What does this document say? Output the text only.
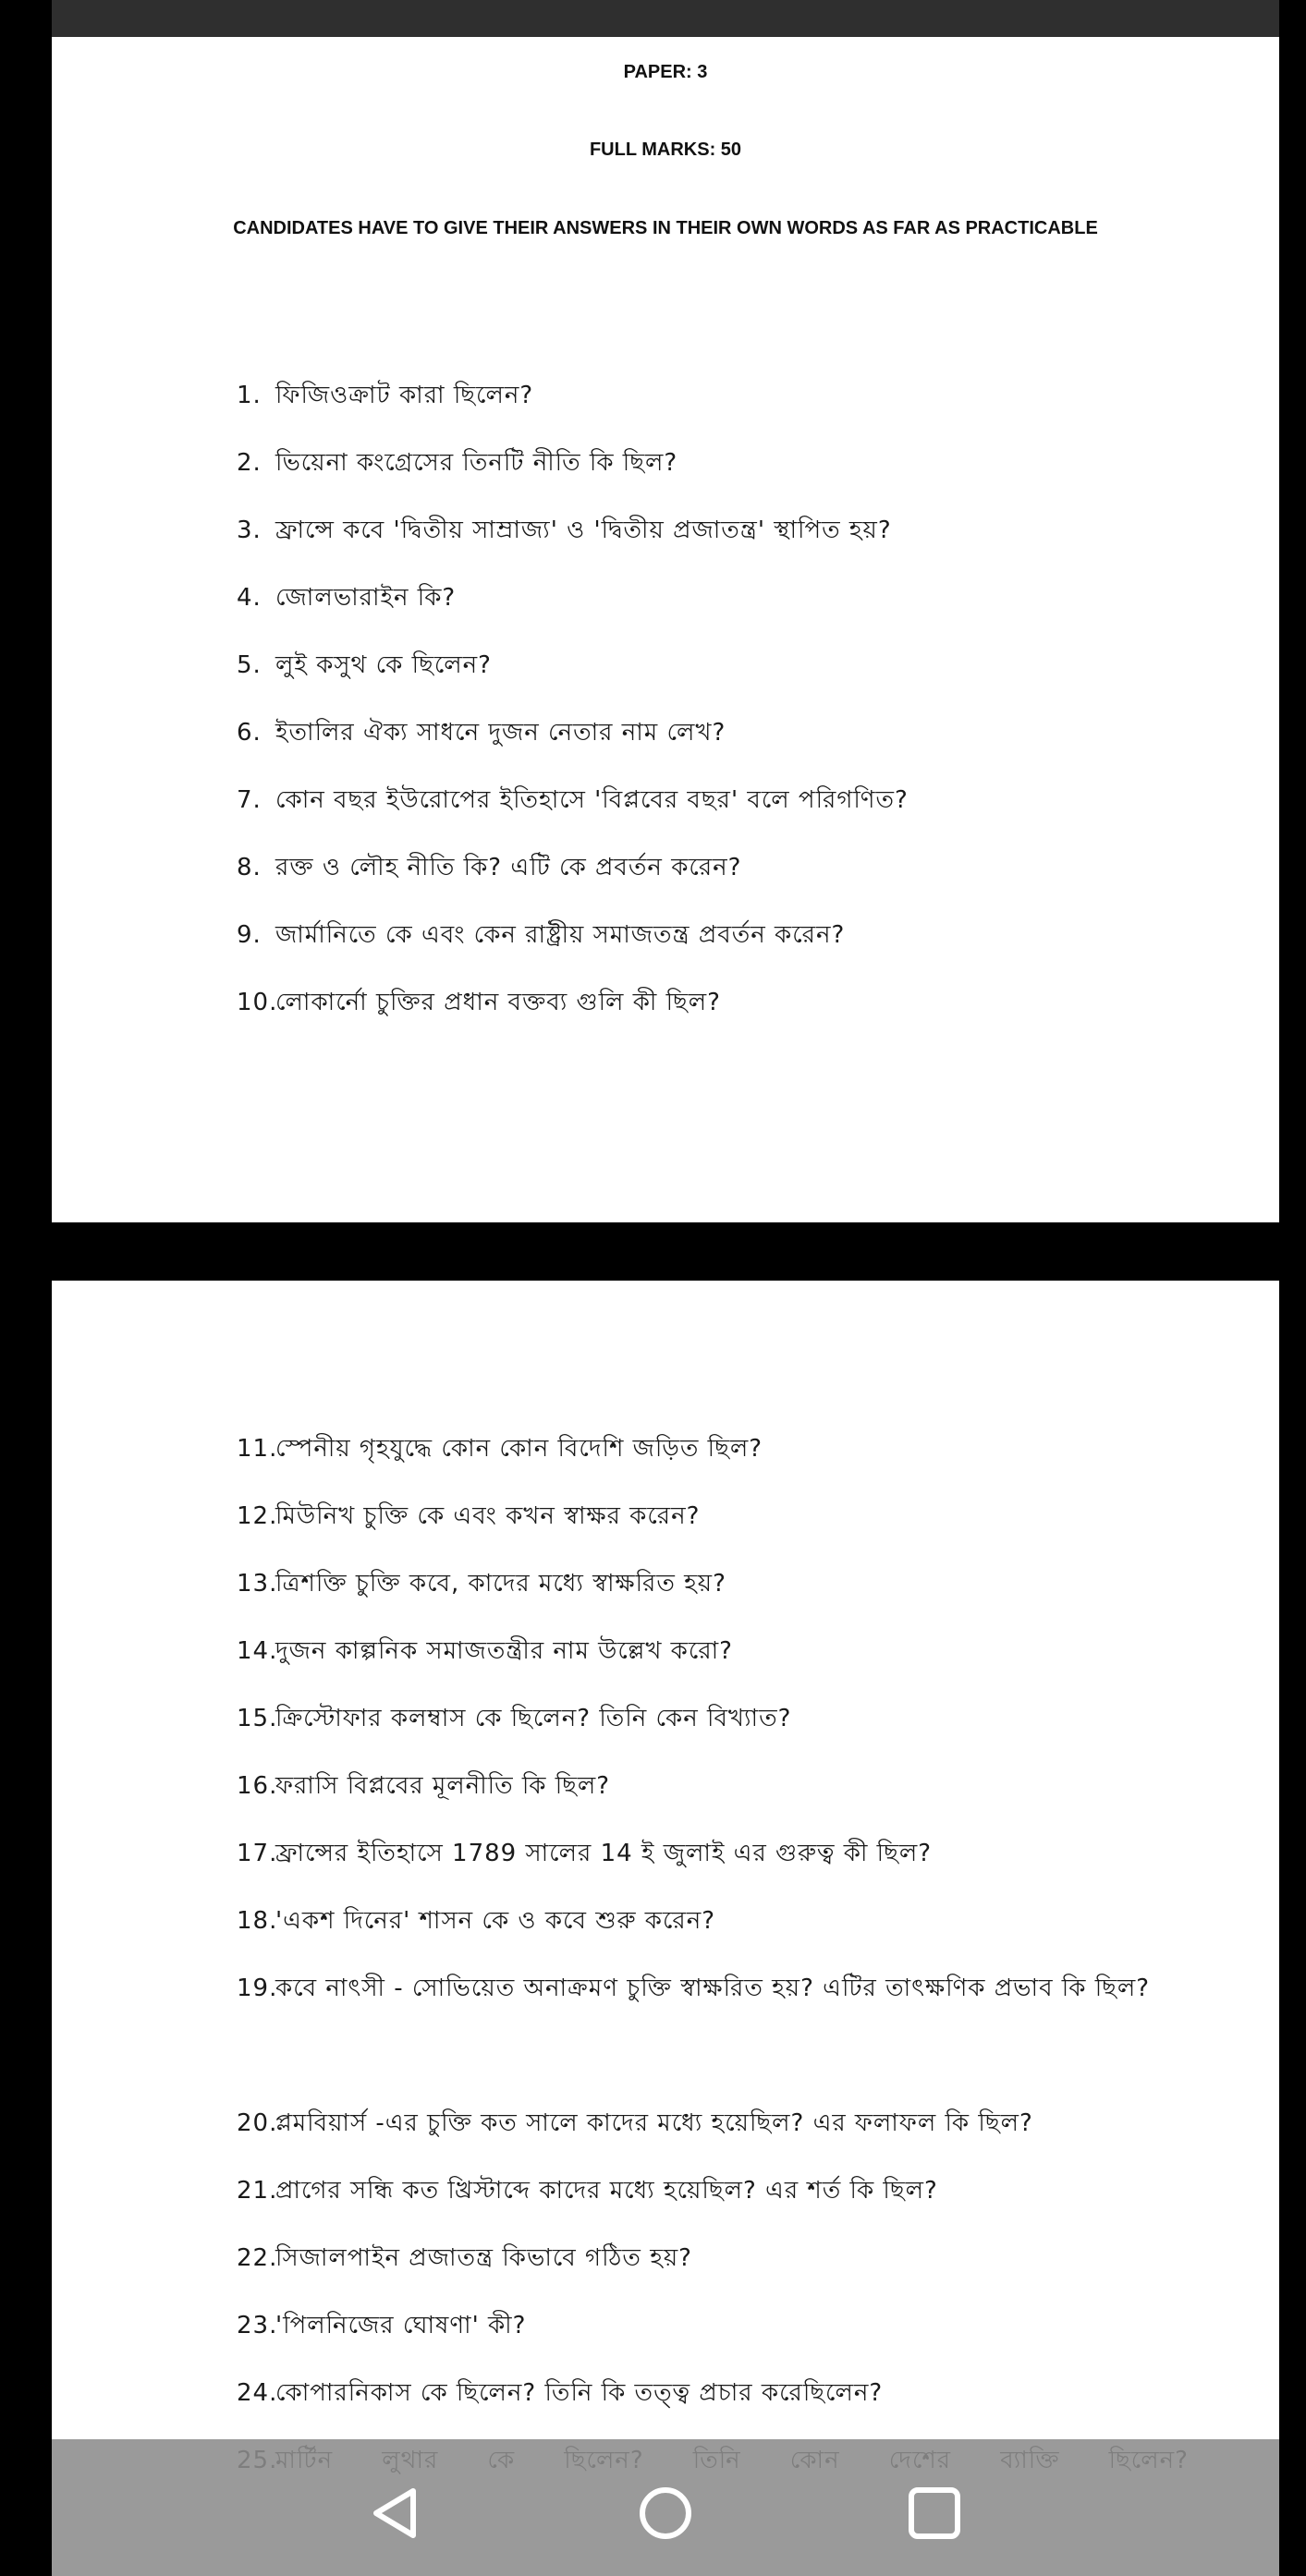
PAPER: 3
FULL MARKS: 50
CANDIDATES HAVE TO GIVE THEIR ANSWERS IN THEIR OWN WORDS AS FAR AS PRACTICABLE
1. ফিজিওক্রাট কারা ছিলেন?
2. ভিয়েনা কংগ্রেসের তিনটি নীতি কি ছিল?
3. ফ্রান্সে কবে 'দ্বিতীয় সাম্রাজ্য' ও 'দ্বিতীয় প্রজাতন্ত্র' স্থাপিত হয়?
4. জোলভারাইন কি?
5. লুই কসুথ কে ছিলেন?
6. ইতালির ঐক্য সাধনে দুজন নেতার নাম লেখ?
7. কোন বছর ইউরোপের ইতিহাসে 'বিপ্লবের বছর' বলে পরিগণিত?
8. রক্ত ও লৌহ নীতি কি? এটি কে প্রবর্তন করেন?
9. জার্মানিতে কে এবং কেন রাষ্ট্রীয় সমাজতন্ত্র প্রবর্তন করেন?
10.
লোকার্নো চুক্তির প্রধান বক্তব্য গুলি কী ছিল?
11.
স্পেনীয় গৃহযুদ্ধে কোন কোন বিদেশি জড়িত ছিল?
12.
মিউনিখ চুক্তি কে এবং কখন স্বাক্ষর করেন?
13.
ত্রিশক্তি চুক্তি কবে, কাদের মধ্যে স্বাক্ষরিত হয়?
14.
দুজন কাল্পনিক সমাজতন্ত্রীর নাম উল্লেখ করো?
15.
ক্রিস্টোফার কলম্বাস কে ছিলেন? তিনি কেন বিখ্যাত?
16.
ফরাসি বিপ্লবের মূলনীতি কি ছিল?
17.
ফ্রান্সের ইতিহাসে 1789 সালের 14 ই জুলাই এর গুরুত্ব কী ছিল?
18.
'একশ দিনের' শাসন কে ও কবে শুরু করেন?
19.
কবে নাৎসী - সোভিয়েত অনাক্রমণ চুক্তি স্বাক্ষরিত হয়? এটির তাৎক্ষণিক প্রভাব কি ছিল?
20.
প্লমবিয়ার্স -এর চুক্তি কত সালে কাদের মধ্যে হয়েছিল? এর ফলাফল কি ছিল?
21.
প্রাগের সন্ধি কত খ্রিস্টাব্দে কাদের মধ্যে হয়েছিল? এর শর্ত কি ছিল?
22.
সিজালপাইন প্রজাতন্ত্র কিভাবে গঠিত হয়?
23.
'পিলনিজের ঘোষণা' কী?
24.
কোপারনিকাস কে ছিলেন? তিনি কি তত্ত্ব প্রচার করেছিলেন?
